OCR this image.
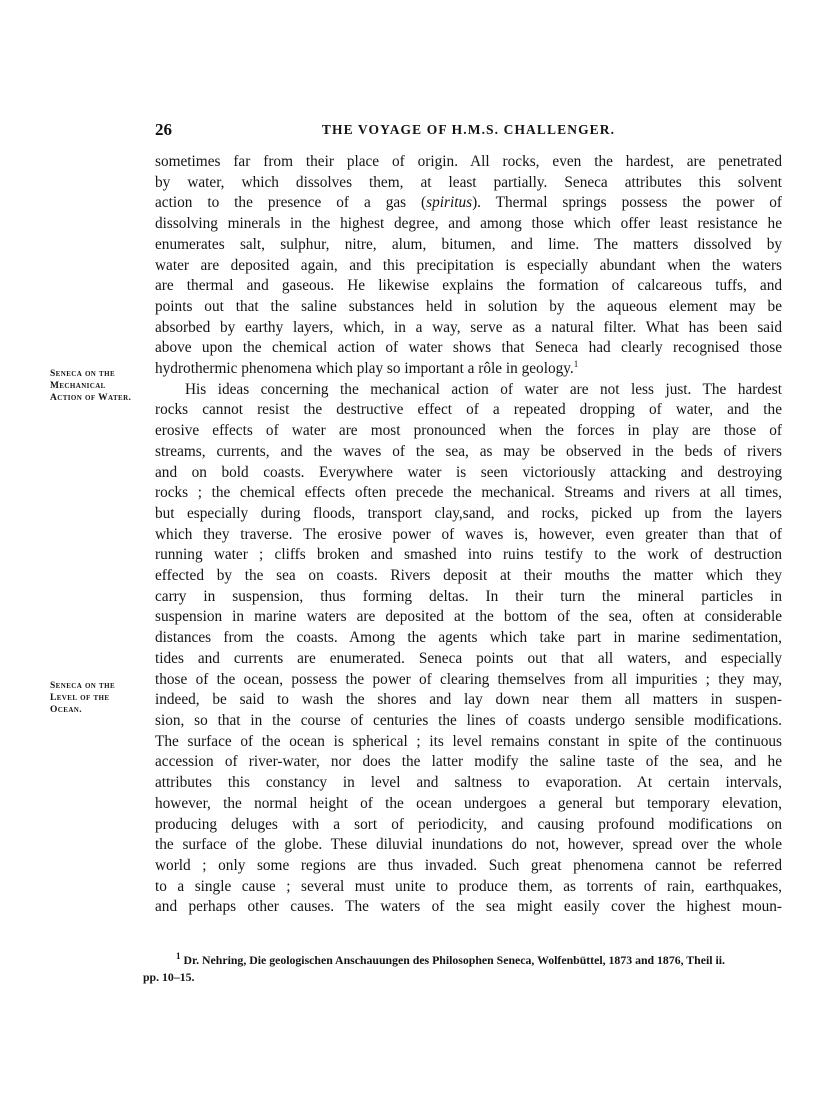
26	THE VOYAGE OF H.M.S. CHALLENGER.
Seneca on the
Mechanical
Action of Water.
Seneca on the
Level of the
Ocean.
sometimes far from their place of origin. All rocks, even the hardest, are penetrated
by water, which dissolves them, at least partially. Seneca attributes this solvent
action to the presence of a gas (spiritus). Thermal springs possess the power of
dissolving minerals in the highest degree, and among those which offer least resistance he
enumerates salt, sulphur, nitre, alum, bitumen, and lime. The matters dissolved by
water are deposited again, and this precipitation is especially abundant when the waters
are thermal and gaseous. He likewise explains the formation of calcareous tuffs, and
points out that the saline substances held in solution by the aqueous element may be
absorbed by earthy layers, which, in a way, serve as a natural filter. What has been said
above upon the chemical action of water shows that Seneca had clearly recognised those
hydrothermic phenomena which play so important a rôle in geology.$^1$
His ideas concerning the mechanical action of water are not less just. The hardest
rocks cannot resist the destructive effect of a repeated dropping of water, and the
erosive effects of water are most pronounced when the forces in play are those of
streams, currents, and the waves of the sea, as may be observed in the beds of rivers
and on bold coasts. Everywhere water is seen victoriously attacking and destroying
rocks ; the chemical effects often precede the mechanical. Streams and rivers at all times,
but especially during floods, transport clay,sand, and rocks, picked up from the layers
which they traverse. The erosive power of waves is, however, even greater than that of
running water ; cliffs broken and smashed into ruins testify to the work of destruction
effected by the sea on coasts. Rivers deposit at their mouths the matter which they
carry in suspension, thus forming deltas. In their turn the mineral particles in
suspension in marine waters are deposited at the bottom of the sea, often at considerable
distances from the coasts. Among the agents which take part in marine sedimentation,
tides and currents are enumerated. Seneca points out that all waters, and especially
those of the ocean, possess the power of clearing themselves from all impurities ; they may,
indeed, be said to wash the shores and lay down near them all matters in suspen-
sion, so that in the course of centuries the lines of coasts undergo sensible modifications.
The surface of the ocean is spherical ; its level remains constant in spite of the continuous
accession of river-water, nor does the latter modify the saline taste of the sea, and he
attributes this constancy in level and saltness to evaporation. At certain intervals,
however, the normal height of the ocean undergoes a general but temporary elevation,
producing deluges with a sort of periodicity, and causing profound modifications on
the surface of the globe. These diluvial inundations do not, however, spread over the whole
world ; only some regions are thus invaded. Such great phenomena cannot be referred
to a single cause ; several must unite to produce them, as torrents of rain, earthquakes,
and perhaps other causes. The waters of the sea might easily cover the highest moun-
$^1$ Dr. Nehring, Die geologischen Anschauungen des Philosophen Seneca, Wolfenbüttel, 1873 and 1876, Theil ii.
pp. 10–15.
